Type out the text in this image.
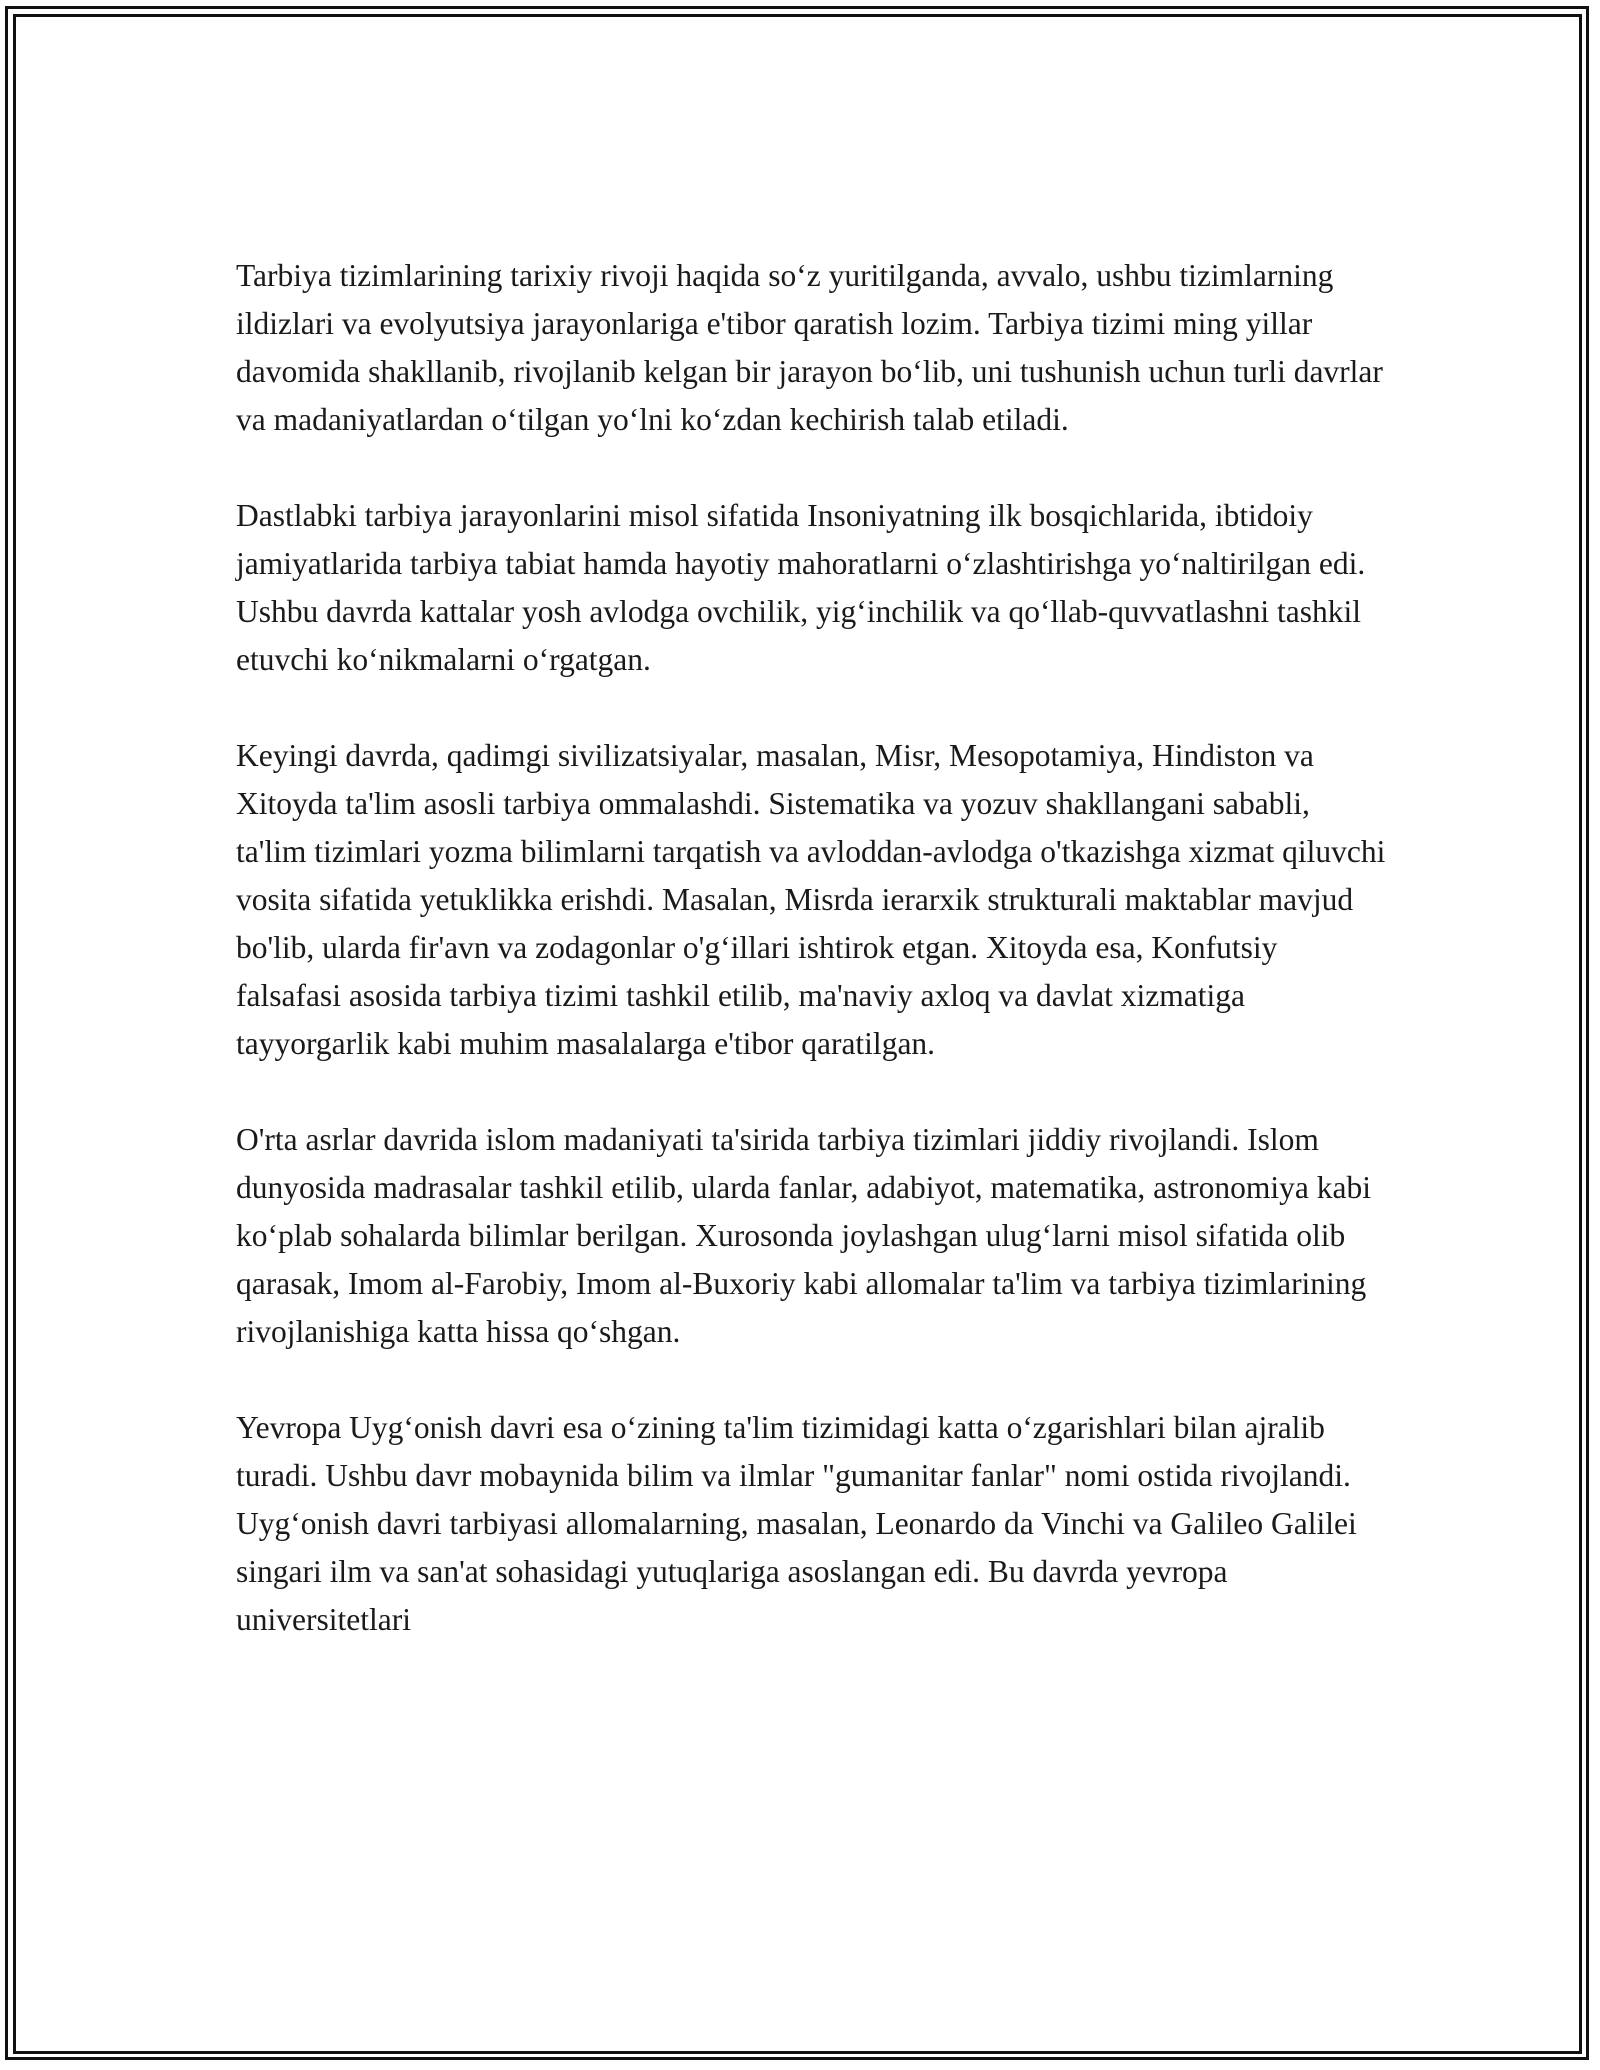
Tarbiya tizimlarining tarixiy rivoji haqida so‘z yuritilganda, avvalo, ushbu tizimlarning ildizlari va evolyutsiya jarayonlariga e'tibor qaratish lozim. Tarbiya tizimi ming yillar davomida shakllanib, rivojlanib kelgan bir jarayon bo‘lib, uni tushunish uchun turli davrlar va madaniyatlardan o‘tilgan yo‘lni ko‘zdan kechirish talab etiladi.

Dastlabki tarbiya jarayonlarini misol sifatida Insoniyatning ilk bosqichlarida, ibtidoiy jamiyatlarida tarbiya tabiat hamda hayotiy mahoratlarni o‘zlashtirishga yo‘naltirilgan edi. Ushbu davrda kattalar yosh avlodga ovchilik, yig‘inchilik va qo‘llab-quvvatlashni tashkil etuvchi ko‘nikmalarni o‘rgatgan.

Keyingi davrda, qadimgi sivilizatsiyalar, masalan, Misr, Mesopotamiya, Hindiston va Xitoyda ta'lim asosli tarbiya ommalashdi. Sistematika va yozuv shakllangani sababli, ta'lim tizimlari yozma bilimlarni tarqatish va avloddan-avlodga o'tkazishga xizmat qiluvchi vosita sifatida yetuklikka erishdi. Masalan, Misrda ierarxik strukturali maktablar mavjud bo'lib, ularda fir'avn va zodagonlar o'g‘illari ishtirok etgan. Xitoyda esa, Konfutsiy falsafasi asosida tarbiya tizimi tashkil etilib, ma'naviy axloq va davlat xizmatiga tayyorgarlik kabi muhim masalalarga e'tibor qaratilgan.

O'rta asrlar davrida islom madaniyati ta'sirida tarbiya tizimlari jiddiy rivojlandi. Islom dunyosida madrasalar tashkil etilib, ularda fanlar, adabiyot, matematika, astronomiya kabi ko‘plab sohalarda bilimlar berilgan. Xurosonda joylashgan ulug‘larni misol sifatida olib qarasak, Imom al-Farobiy, Imom al-Buxoriy kabi allomalar ta'lim va tarbiya tizimlarining rivojlanishiga katta hissa qo‘shgan.

Yevropa Uyg‘onish davri esa o‘zining ta'lim tizimidagi katta o‘zgarishlari bilan ajralib turadi. Ushbu davr mobaynida bilim va ilmlar "gumanitar fanlar" nomi ostida rivojlandi. Uyg‘onish davri tarbiyasi allomalarning, masalan, Leonardo da Vinchi va Galileo Galilei singari ilm va san'at sohasidagi yutuqlariga asoslangan edi. Bu davrda yevropa universitetlari
